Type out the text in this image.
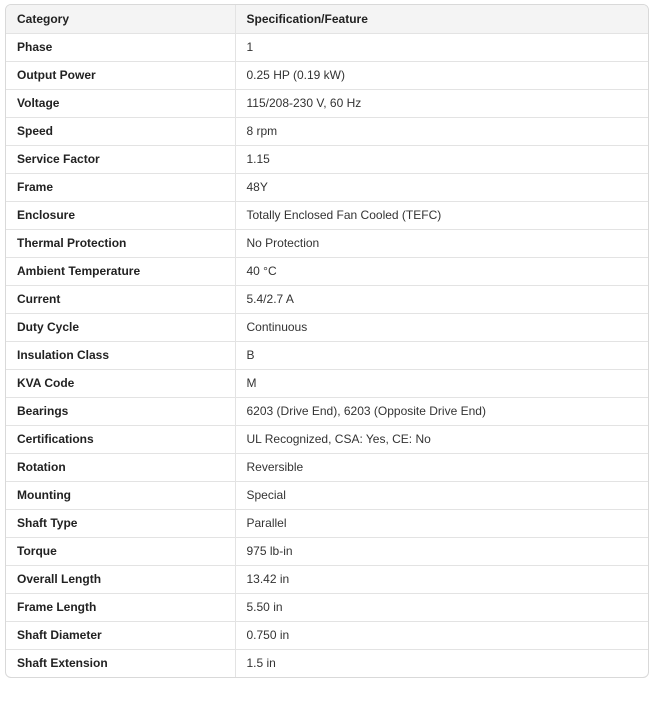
Category	Specification/Feature
Phase	1
Output Power	0.25 HP (0.19 kW)
Voltage	115/208-230 V, 60 Hz
Speed	8 rpm
Service Factor	1.15
Frame	48Y
Enclosure	Totally Enclosed Fan Cooled (TEFC)
Thermal Protection	No Protection
Ambient Temperature	40 °C
Current	5.4/2.7 A
Duty Cycle	Continuous
Insulation Class	B
KVA Code	M
Bearings	6203 (Drive End), 6203 (Opposite Drive End)
Certifications	UL Recognized, CSA: Yes, CE: No
Rotation	Reversible
Mounting	Special
Shaft Type	Parallel
Torque	975 lb-in
Overall Length	13.42 in
Frame Length	5.50 in
Shaft Diameter	0.750 in
Shaft Extension	1.5 in
